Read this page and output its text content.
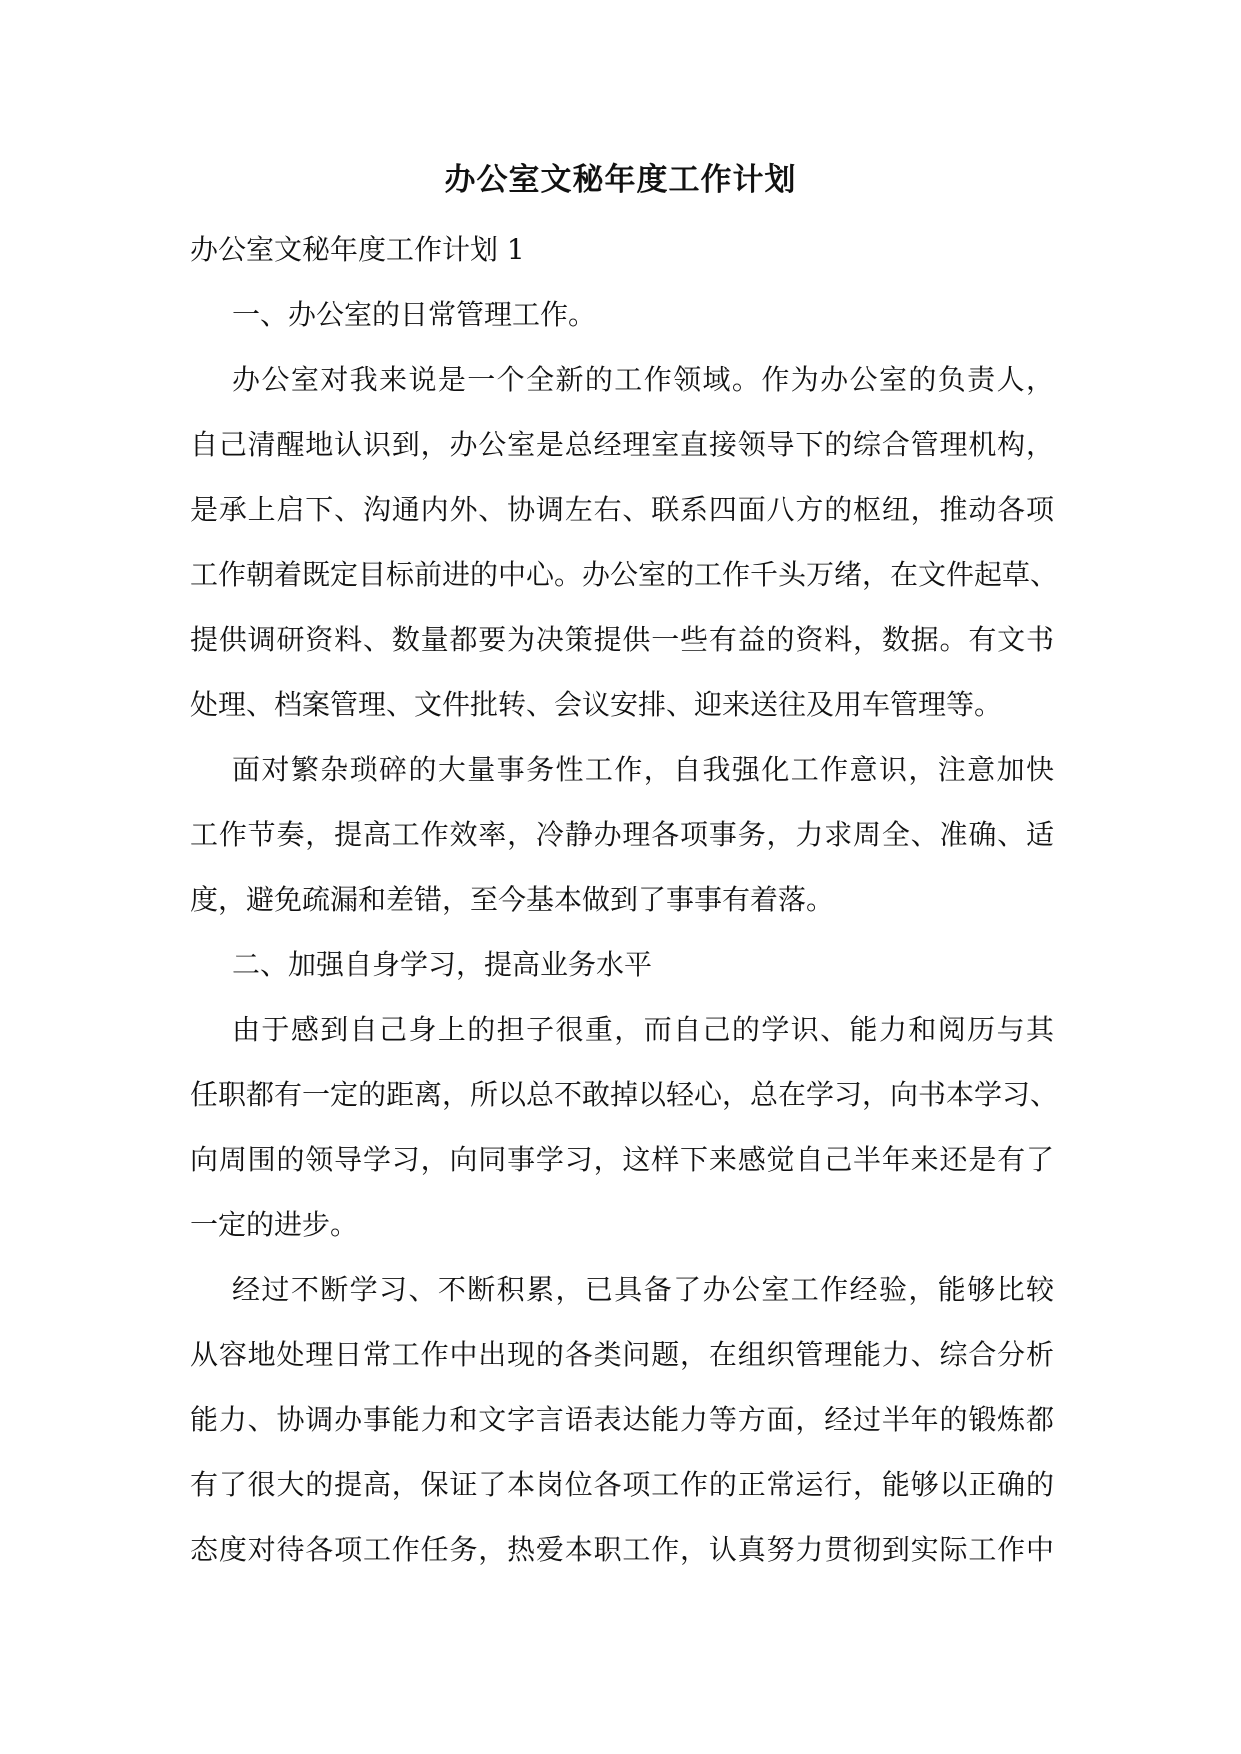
办公室文秘年度工作计划
办公室文秘年度工作计划 1
一、办公室的日常管理工作。
办公室对我来说是一个全新的工作领域。作为办公室的负责人，
自己清醒地认识到，办公室是总经理室直接领导下的综合管理机构，
是承上启下、沟通内外、协调左右、联系四面八方的枢纽，推动各项
工作朝着既定目标前进的中心。办公室的工作千头万绪，在文件起草、
提供调研资料、数量都要为决策提供一些有益的资料，数据。有文书
处理、档案管理、文件批转、会议安排、迎来送往及用车管理等。
面对繁杂琐碎的大量事务性工作，自我强化工作意识，注意加快
工作节奏，提高工作效率，冷静办理各项事务，力求周全、准确、适
度，避免疏漏和差错，至今基本做到了事事有着落。
二、加强自身学习，提高业务水平
由于感到自己身上的担子很重，而自己的学识、能力和阅历与其
任职都有一定的距离，所以总不敢掉以轻心，总在学习，向书本学习、
向周围的领导学习，向同事学习，这样下来感觉自己半年来还是有了
一定的进步。
经过不断学习、不断积累，已具备了办公室工作经验，能够比较
从容地处理日常工作中出现的各类问题，在组织管理能力、综合分析
能力、协调办事能力和文字言语表达能力等方面，经过半年的锻炼都
有了很大的提高，保证了本岗位各项工作的正常运行，能够以正确的
态度对待各项工作任务，热爱本职工作，认真努力贯彻到实际工作中
